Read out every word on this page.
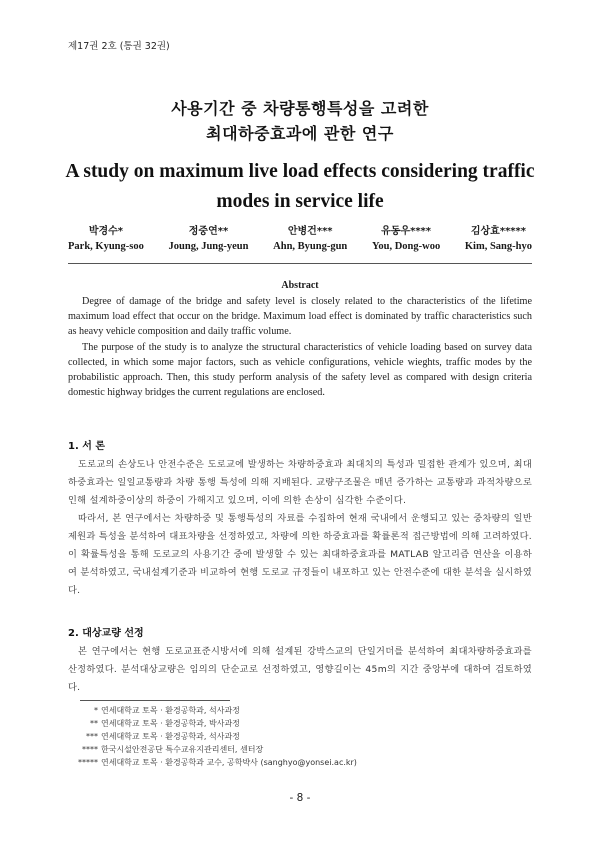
제17권 2호 (통권 32권)
사용기간 중 차량통행특성을 고려한
최대하중효과에 관한 연구
A study on maximum live load effects considering traffic modes in service life
박경수*
Park, Kyung-soo
정중연**
Joung, Jung-yeun
안병건***
Ahn, Byung-gun
유동우****
You, Dong-woo
김상효*****
Kim, Sang-hyo
Abstract

Degree of damage of the bridge and safety level is closely related to the characteristics of the lifetime maximum load effect that occur on the bridge. Maximum load effect is dominated by traffic characteristics such as heavy vehicle composition and daily traffic volume.

The purpose of the study is to analyze the structural characteristics of vehicle loading based on survey data collected, in which some major factors, such as vehicle configurations, vehicle wieghts, traffic modes by the probabilistic approach. Then, this study perform analysis of the safety level as compared with design criteria domestic highway bridges the current regulations are enclosed.

1. 서 론

도로교의 손상도나 안전수준은 도로교에 발생하는 차량하중효과 최대치의 특성과 밀접한 관계가 있으며, 최대하중효과는 일일교통량과 차량 통행 특성에 의해 지배된다. 교량구조물은 매년 증가하는 교통량과 과적차량으로 인해 설계하중이상의 하중이 가해지고 있으며, 이에 의한 손상이 심각한 수준이다.

따라서, 본 연구에서는 차량하중 및 통행특성의 자료를 수집하여 현재 국내에서 운행되고 있는 중차량의 일반제원과 특성을 분석하여 대표차량을 선정하였고, 차량에 의한 하중효과를 확률론적 접근방법에 의해 고려하였다. 이 확률특성을 통해 도로교의 사용기간 중에 발생할 수 있는 최대하중효과를 MATLAB 알고리즘 연산을 이용하여 분석하였고, 국내설계기준과 비교하여 현행 도로교 규정들이 내포하고 있는 안전수준에 대한 분석을 실시하였다.

2. 대상교량 선정

본 연구에서는 현행 도로교표준시방서에 의해 설계된 강박스교의 단일거더를 분석하여 최대차량하중효과를 산정하였다. 분석대상교량은 임의의 단순교로 선정하였고, 영향길이는 45m의 지간 중앙부에 대하여 검토하였다.

* 연세대학교 토목 · 환경공학과, 석사과정
** 연세대학교 토목 · 환경공학과, 박사과정
*** 연세대학교 토목 · 환경공학과, 석사과정
**** 한국시설안전공단 특수교유지관리센터, 센터장
***** 연세대학교 토목 · 환경공학과 교수, 공학박사 (sanghyo@yonsei.ac.kr)
- 8 -
